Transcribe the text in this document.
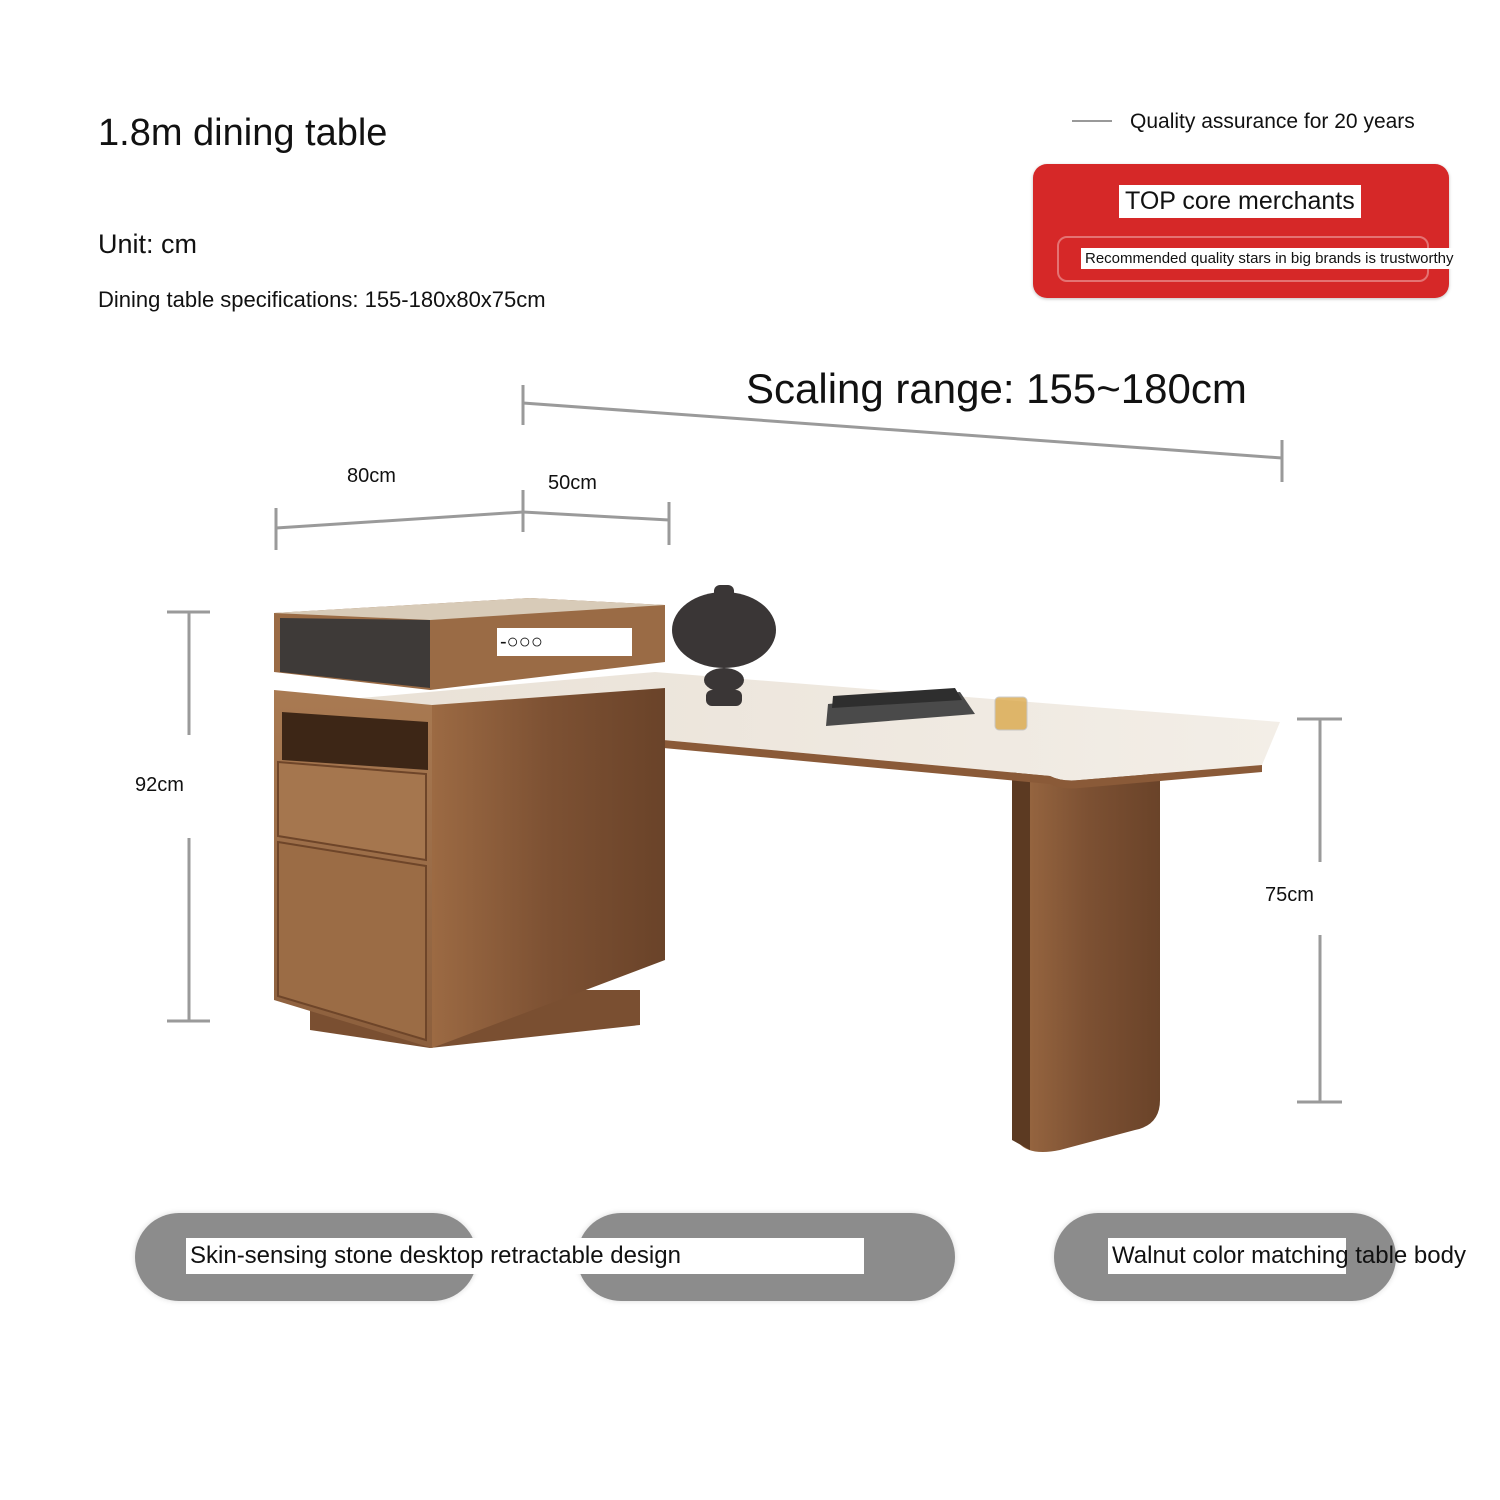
1.8m dining table
Unit: cm
Dining table specifications: 155-180x80x75cm
Quality assurance for 20 years
TOP core merchants
Recommended quality stars in big brands is trustworthy
Scaling range: 155~180cm
80cm	50cm
92cm
75cm
-○○○
Skin-sensing stone desktop retractable design	Walnut color matching table body
